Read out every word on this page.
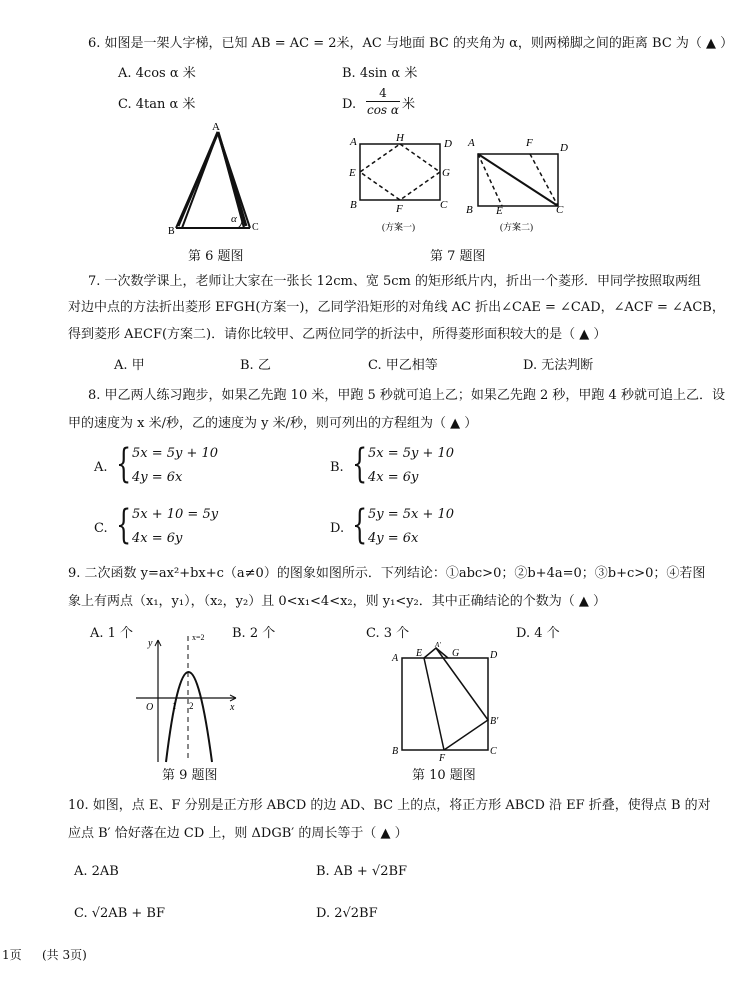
6. 如图是一架人字梯，已知 AB = AC = 2米，AC 与地面 BC 的夹角为 α，则两梯脚之间的距离 BC 为（ ▲ ）
A. 4cos α 米	B. 4sin α 米
C. 4tan α 米	D. $\frac{4}{\text{cos α}}$ 米
A
B	C
α
第 6 题图
A	H	D
E	G
B	F	C
(方案一)
A	F D
B E	C
(方案二)
第 7 题图
7. 一次数学课上，老师让大家在一张长 12cm、宽 5cm 的矩形纸片内，折出一个菱形．甲同学按照取两组
对边中点的方法折出菱形 EFGH(方案一)，乙同学沿矩形的对角线 AC 折出∠CAE = ∠CAD，∠ACF = ∠ACB，
得到菱形 AECF(方案二)．请你比较甲、乙两位同学的折法中，所得菱形面积较大的是（ ▲ ）
A. 甲	B. 乙	C. 甲乙相等	D. 无法判断
8. 甲乙两人练习跑步，如果乙先跑 10 米，甲跑 5 秒就可追上乙；如果乙先跑 2 秒，甲跑 4 秒就可追上乙．设
甲的速度为 x 米/秒，乙的速度为 y 米/秒，则可列出的方程组为（ ▲ ）
A. { 5x = 5y + 10
4y = 6x
B. { 5x = 5y + 10
4x = 6y
C. { 5x + 10 = 5y
4x = 6y
D. { 5y = 5x + 10
4y = 6x
9. 二次函数 y=ax²+bx+c（a≠0）的图象如图所示．下列结论：①abc>0；②b+4a=0；③b+c>0；④若图
象上有两点（x₁，y₁），（x₂，y₂）且 0<x₁<4<x₂，则 y₁<y₂．其中正确结论的个数为（ ▲ ）
A. 1 个	B. 2 个	C. 3 个	D. 4 个
y
x
O 1 2
x=2
第 9 题图
A
A′
E	G	D
B′
B
F
C
第 10 题图
10. 如图，点 E、F 分别是正方形 ABCD 的边 AD、BC 上的点，将正方形 ABCD 沿 EF 折叠，使得点 B 的对
应点 B′ 恰好落在边 CD 上，则 ΔDGB′ 的周长等于（ ▲ ）
A. 2AB	B. AB + √2BF
C. √2AB + BF	D. 2√2BF
1页 (共 3页)
